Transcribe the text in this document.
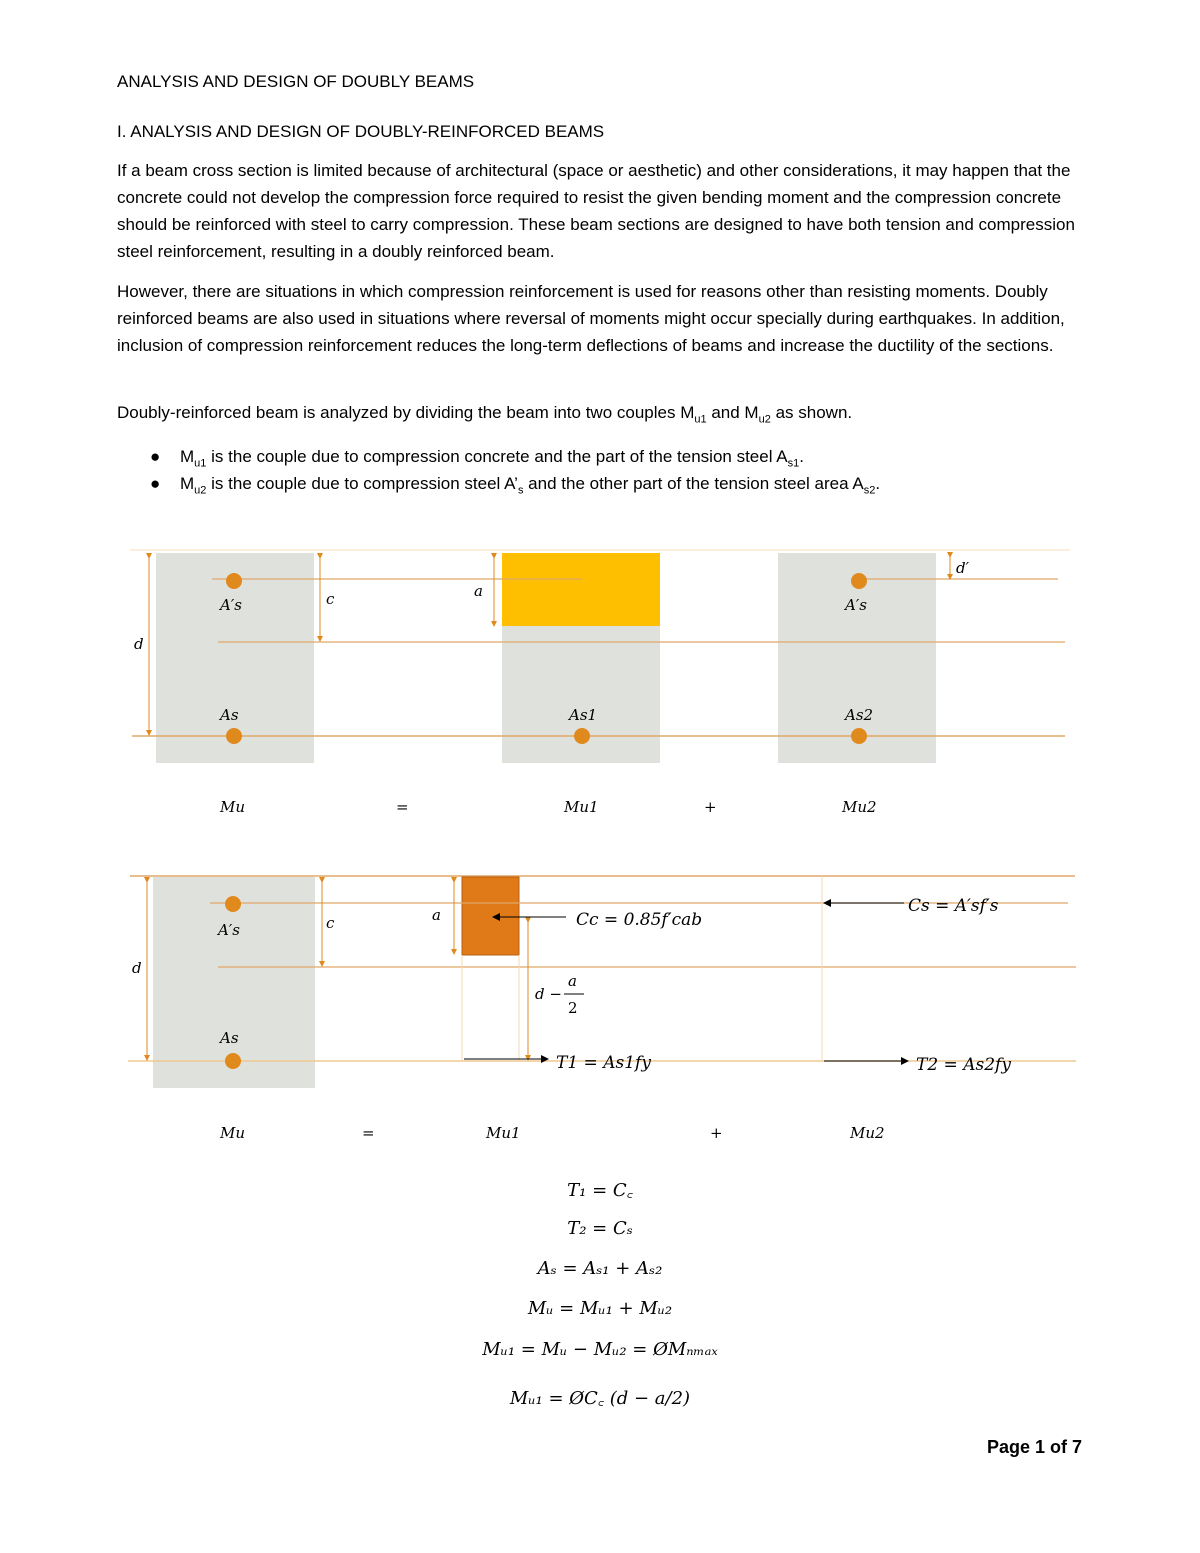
ANALYSIS AND DESIGN OF DOUBLY BEAMS

I. ANALYSIS AND DESIGN OF DOUBLY-REINFORCED BEAMS

If a beam cross section is limited because of architectural (space or aesthetic) and other considerations, it may happen that the concrete could not develop the compression force required to resist the given bending moment and the compression concrete should be reinforced with steel to carry compression. These beam sections are designed to have both tension and compression steel reinforcement, resulting in a doubly reinforced beam.

However, there are situations in which compression reinforcement is used for reasons other than resisting moments. Doubly reinforced beams are also used in situations where reversal of moments might occur specially during earthquakes. In addition, inclusion of compression reinforcement reduces the long-term deflections of beams and increase the ductility of the sections.

Doubly-reinforced beam is analyzed by dividing the beam into two couples $M_{u1}$ and $M_{u2}$ as shown.

● $M_{u1}$ is the couple due to compression concrete and the part of the tension steel $A_{s1}$.

● $M_{u2}$ is the couple due to compression steel $A’_s$ and the other part of the tension steel area $A_{s2}$.

d
c	a
d′
A′s
As	As1
A′s
As2
Mu	=	Mu1	+	Mu2
d
c	a
A′s
As
Cc = 0.85f′cab
Cs = A′sf′s
a
d −
2
T1 = As1fy	T2 = As2fy
Mu	=	Mu1	+	Mu2
T₁ = C꜀
T₂ = Cₛ
Aₛ = Aₛ₁ + Aₛ₂
Mᵤ = Mᵤ₁ + Mᵤ₂
Mᵤ₁ = Mᵤ − Mᵤ₂ = ØMₙₘₐₓ
Mᵤ₁ = ØC꜀ (d − a/2)
Page 1 of 7
